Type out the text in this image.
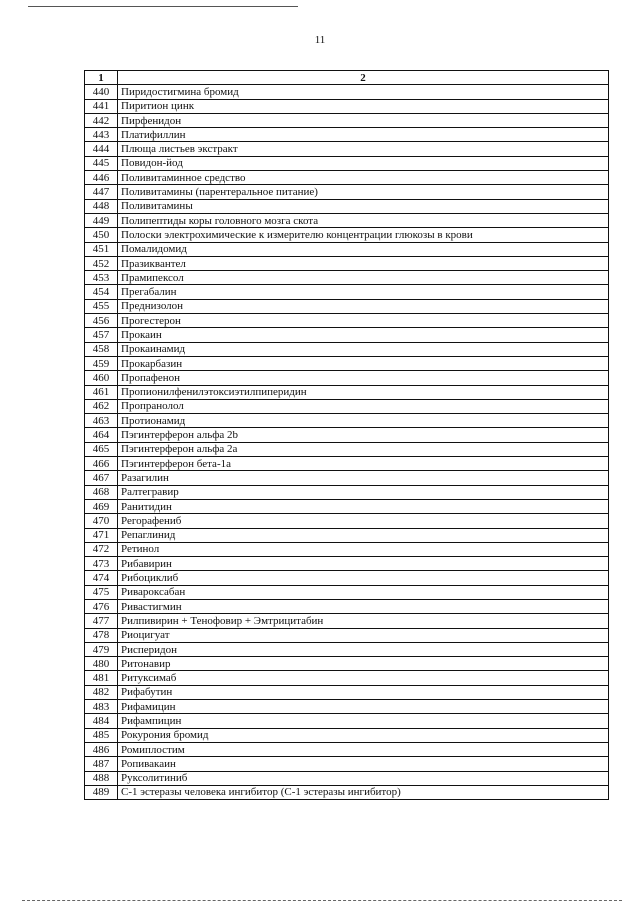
11
1	2
440	Пиридостигмина бромид
441	Пиритион цинк
442	Пирфенидон
443	Платифиллин
444	Плюща листьев экстракт
445	Повидон-йод
446	Поливитаминное средство
447	Поливитамины (парентеральное питание)
448	Поливитамины
449	Полипептиды коры головного мозга скота
450	Полоски электрохимические к измерителю концентрации глюкозы в крови
451	Помалидомид
452	Празиквантел
453	Прамипексол
454	Прегабалин
455	Преднизолон
456	Прогестерон
457	Прокаин
458	Прокаинамид
459	Прокарбазин
460	Пропафенон
461	Пропионилфенилэтоксиэтилпиперидин
462	Пропранолол
463	Протионамид
464	Пэгинтерферон альфа 2b
465	Пэгинтерферон альфа 2a
466	Пэгинтерферон бета-1a
467	Разагилин
468	Ралтегравир
469	Ранитидин
470	Регорафениб
471	Репаглинид
472	Ретинол
473	Рибавирин
474	Рибоциклиб
475	Ривароксабан
476	Ривастигмин
477	Рилпивирин + Тенофовир + Эмтрицитабин
478	Риоцигуат
479	Рисперидон
480	Ритонавир
481	Ритуксимаб
482	Рифабутин
483	Рифамицин
484	Рифампицин
485	Рокурония бромид
486	Ромиплостим
487	Ропивакаин
488	Руксолитиниб
489	C-1 эстеразы человека ингибитор (C-1 эстеразы ингибитор)
